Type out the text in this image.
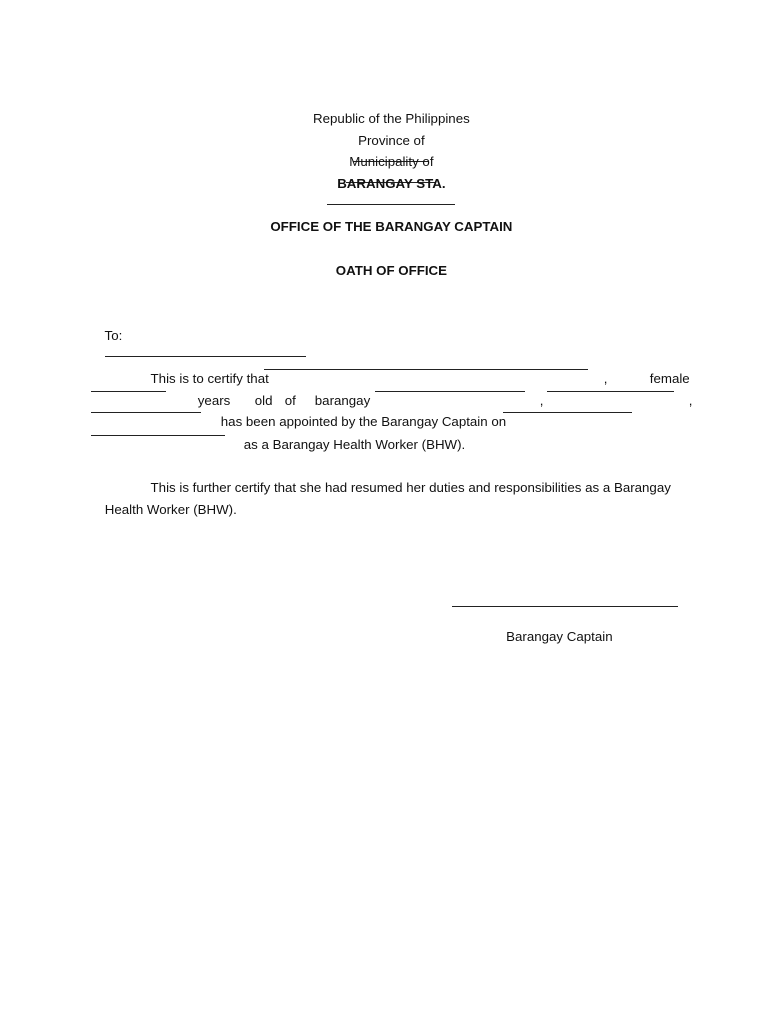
Republic of the Philippines

Province of

Municipality of

BARANGAY STA.

OFFICE OF THE BARANGAY CAPTAIN

OATH OF OFFICE

To:

This is to certify that
	,
	female

years
	old
of
	barangay
	,
	,

has been appointed by the Barangay Captain on

as a Barangay Health Worker (BHW).

This is further certify that she had resumed her duties and responsibilities as a Barangay

Health Worker (BHW).

Barangay Captain
